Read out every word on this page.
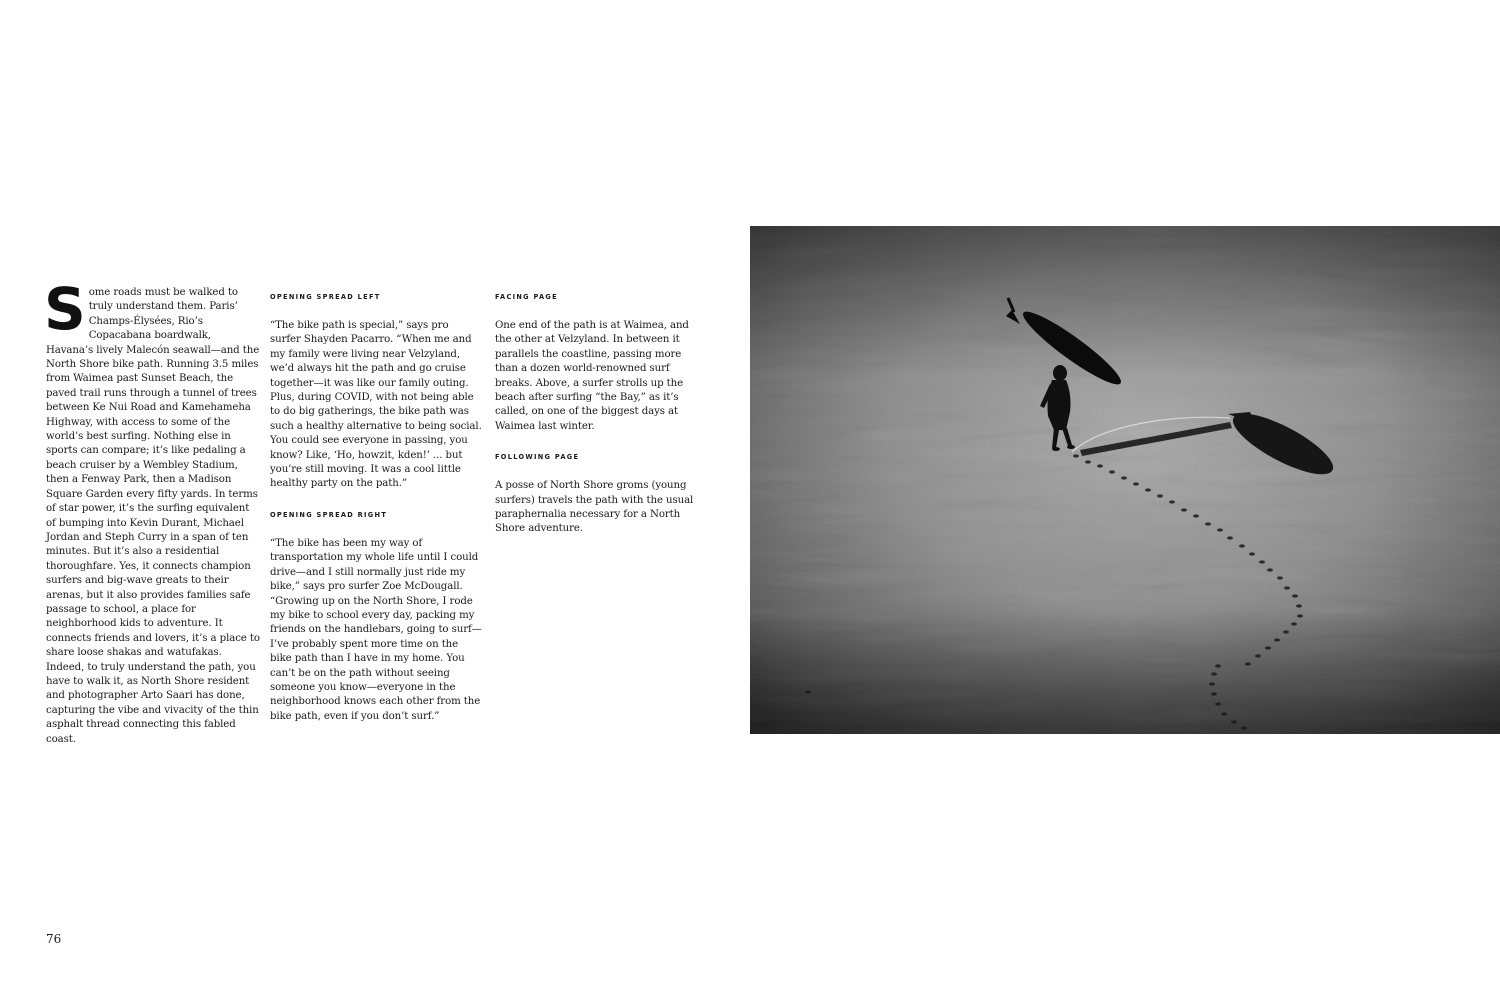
Some roads must be walked to truly understand them. Paris’ Champs-Élysées, Rio’s Copacabana boardwalk, Havana’s lively Malecón seawall—and the North Shore bike path. Running 3.5 miles from Waimea past Sunset Beach, the paved trail runs through a tunnel of trees between Ke Nui Road and Kamehameha Highway, with access to some of the world’s best surfing. Nothing else in sports can compare; it’s like pedaling a beach cruiser by a Wembley Stadium, then a Fenway Park, then a Madison Square Garden every fifty yards. In terms of star power, it’s the surfing equivalent of bumping into Kevin Durant, Michael Jordan and Steph Curry in a span of ten minutes. But it’s also a residential thoroughfare. Yes, it connects champion surfers and big-wave greats to their arenas, but it also provides families safe passage to school, a place for neighborhood kids to adventure. It connects friends and lovers, it’s a place to share loose shakas and watufakas. Indeed, to truly understand the path, you have to walk it, as North Shore resident and photographer Arto Saari has done, capturing the vibe and vivacity of the thin asphalt thread connecting this fabled coast.

OPENING SPREAD LEFT

“The bike path is special,” says pro surfer Shayden Pacarro. “When me and my family were living near Velzyland, we’d always hit the path and go cruise together—it was like our family outing. Plus, during COVID, with not being able to do big gatherings, the bike path was such a healthy alternative to being social. You could see everyone in passing, you know? Like, ‘Ho, howzit, kden!’ ... but you’re still moving. It was a cool little healthy party on the path.”

OPENING SPREAD RIGHT

“The bike has been my way of transportation my whole life until I could drive—and I still normally just ride my bike,” says pro surfer Zoe McDougall. “Growing up on the North Shore, I rode my bike to school every day, packing my friends on the handlebars, going to surf—I’ve probably spent more time on the bike path than I have in my home. You can’t be on the path without seeing someone you know—everyone in the neighborhood knows each other from the bike path, even if you don’t surf.”

FACING PAGE

One end of the path is at Waimea, and the other at Velzyland. In between it parallels the coastline, passing more than a dozen world-renowned surf breaks. Above, a surfer strolls up the beach after surfing “the Bay,” as it’s called, on one of the biggest days at Waimea last winter.

FOLLOWING PAGE

A posse of North Shore groms (young surfers) travels the path with the usual paraphernalia necessary for a North Shore adventure.

76
